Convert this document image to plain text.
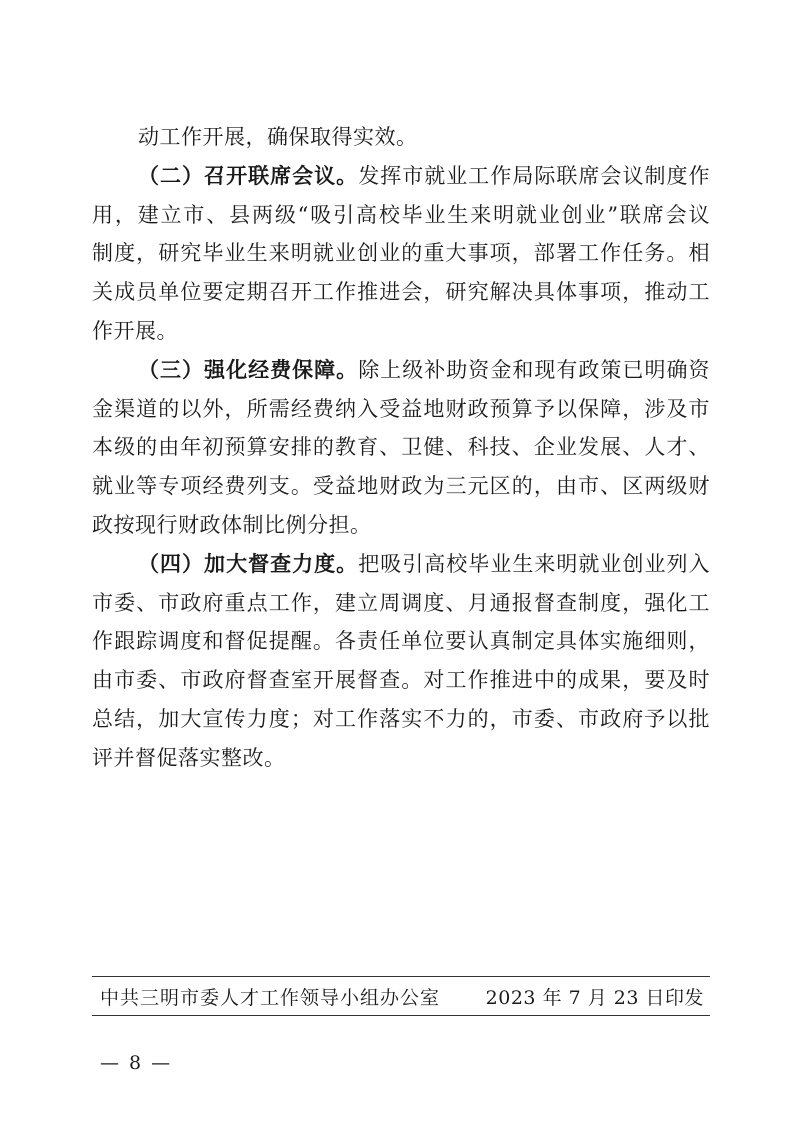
动工作开展，确保取得实效。
（二）召开联席会议。发挥市就业工作局际联席会议制度作
用，建立市、县两级“吸引高校毕业生来明就业创业”联席会议
制度，研究毕业生来明就业创业的重大事项，部署工作任务。相
关成员单位要定期召开工作推进会，研究解决具体事项，推动工
作开展。
（三）强化经费保障。除上级补助资金和现有政策已明确资
金渠道的以外，所需经费纳入受益地财政预算予以保障，涉及市
本级的由年初预算安排的教育、卫健、科技、企业发展、人才、
就业等专项经费列支。受益地财政为三元区的，由市、区两级财
政按现行财政体制比例分担。
（四）加大督查力度。把吸引高校毕业生来明就业创业列入
市委、市政府重点工作，建立周调度、月通报督查制度，强化工
作跟踪调度和督促提醒。各责任单位要认真制定具体实施细则，
由市委、市政府督查室开展督查。对工作推进中的成果，要及时
总结，加大宣传力度；对工作落实不力的，市委、市政府予以批
评并督促落实整改。
中共三明市委人才工作领导小组办公室 2023 年 7 月 23 日印发
— 8 —
